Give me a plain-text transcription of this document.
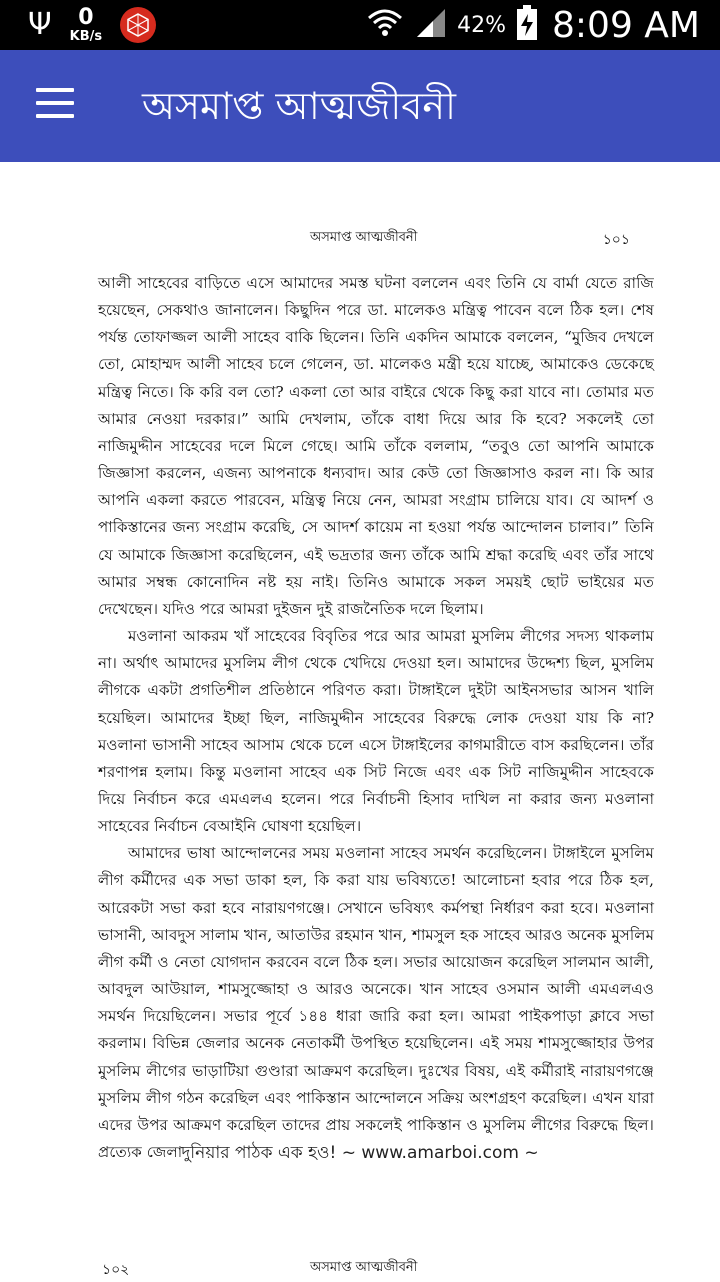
Ψ 0
KB/s	42% 8:09 AM
অসমাপ্ত আত্মজীবনী
অসমাপ্ত আত্মজীবনী	১০১

আলী সাহেবের বাড়িতে এসে আমাদের সমস্ত ঘটনা বললেন এবং তিনি যে বার্মা যেতে রাজি হয়েছেন, সেকথাও জানালেন। কিছুদিন পরে ডা. মালেকও মন্ত্রিত্ব পাবেন বলে ঠিক হল। শেষ পর্যন্ত তোফাজ্জল আলী সাহেব বাকি ছিলেন। তিনি একদিন আমাকে বললেন, “মুজিব দেখলে তো, মোহাম্মদ আলী সাহেব চলে গেলেন, ডা. মালেকও মন্ত্রী হয়ে যাচ্ছে, আমাকেও ডেকেছে মন্ত্রিত্ব নিতে। কি করি বল তো? একলা তো আর বাইরে থেকে কিছু করা যাবে না। তোমার মত আমার নেওয়া দরকার।” আমি দেখলাম, তাঁকে বাধা দিয়ে আর কি হবে? সকলেই তো নাজিমুদ্দীন সাহেবের দলে মিলে গেছে। আমি তাঁকে বললাম, “তবুও তো আপনি আমাকে জিজ্ঞাসা করলেন, এজন্য আপনাকে ধন্যবাদ। আর কেউ তো জিজ্ঞাসাও করল না। কি আর আপনি একলা করতে পারবেন, মন্ত্রিত্ব নিয়ে নেন, আমরা সংগ্রাম চালিয়ে যাব। যে আদর্শ ও পাকিস্তানের জন্য সংগ্রাম করেছি, সে আদর্শ কায়েম না হওয়া পর্যন্ত আন্দোলন চালাব।” তিনি যে আমাকে জিজ্ঞাসা করেছিলেন, এই ভদ্রতার জন্য তাঁকে আমি শ্রদ্ধা করেছি এবং তাঁর সাথে আমার সম্বন্ধ কোনোদিন নষ্ট হয় নাই। তিনিও আমাকে সকল সময়ই ছোট ভাইয়ের মত দেখেছেন। যদিও পরে আমরা দুইজন দুই রাজনৈতিক দলে ছিলাম।

মওলানা আকরম খাঁ সাহেবের বিবৃতির পরে আর আমরা মুসলিম লীগের সদস্য থাকলাম না। অর্থাৎ আমাদের মুসলিম লীগ থেকে খেদিয়ে দেওয়া হল। আমাদের উদ্দেশ্য ছিল, মুসলিম লীগকে একটা প্রগতিশীল প্রতিষ্ঠানে পরিণত করা। টাঙ্গাইলে দুইটা আইনসভার আসন খালি হয়েছিল। আমাদের ইচ্ছা ছিল, নাজিমুদ্দীন সাহেবের বিরুদ্ধে লোক দেওয়া যায় কি না? মওলানা ভাসানী সাহেব আসাম থেকে চলে এসে টাঙ্গাইলের কাগমারীতে বাস করছিলেন। তাঁর শরণাপন্ন হলাম। কিন্তু মওলানা সাহেব এক সিট নিজে এবং এক সিট নাজিমুদ্দীন সাহেবকে দিয়ে নির্বাচন করে এমএলএ হলেন। পরে নির্বাচনী হিসাব দাখিল না করার জন্য মওলানা সাহেবের নির্বাচন বেআইনি ঘোষণা হয়েছিল।

আমাদের ভাষা আন্দোলনের সময় মওলানা সাহেব সমর্থন করেছিলেন। টাঙ্গাইলে মুসলিম লীগ কর্মীদের এক সভা ডাকা হল, কি করা যায় ভবিষ্যতে! আলোচনা হবার পরে ঠিক হল, আরেকটা সভা করা হবে নারায়ণগঞ্জে। সেখানে ভবিষ্যৎ কর্মপন্থা নির্ধারণ করা হবে। মওলানা ভাসানী, আবদুস সালাম খান, আতাউর রহমান খান, শামসুল হক সাহেব আরও অনেক মুসলিম লীগ কর্মী ও নেতা যোগদান করবেন বলে ঠিক হল। সভার আয়োজন করেছিল সালমান আলী, আবদুল আউয়াল, শামসুজ্জোহা ও আরও অনেকে। খান সাহেব ওসমান আলী এমএলএও সমর্থন দিয়েছিলেন। সভার পূর্বে ১৪৪ ধারা জারি করা হল। আমরা পাইকপাড়া ক্লাবে সভা করলাম। বিভিন্ন জেলার অনেক নেতাকর্মী উপস্থিত হয়েছিলেন। এই সময় শামসুজ্জোহার উপর মুসলিম লীগের ভাড়াটিয়া গুণ্ডারা আক্রমণ করেছিল। দুঃখের বিষয়, এই কর্মীরাই নারায়ণগঞ্জে মুসলিম লীগ গঠন করেছিল এবং পাকিস্তান আন্দোলনে সক্রিয় অংশগ্রহণ করেছিল। এখন যারা এদের উপর আক্রমণ করেছিল তাদের প্রায় সকলেই পাকিস্তান ও মুসলিম লীগের বিরুদ্ধে ছিল। প্রত্যেক জেলা দুনিয়ার পাঠক এক হও! ~ www.amarboi.com ~
১০২	অসমাপ্ত আত্মজীবনী
